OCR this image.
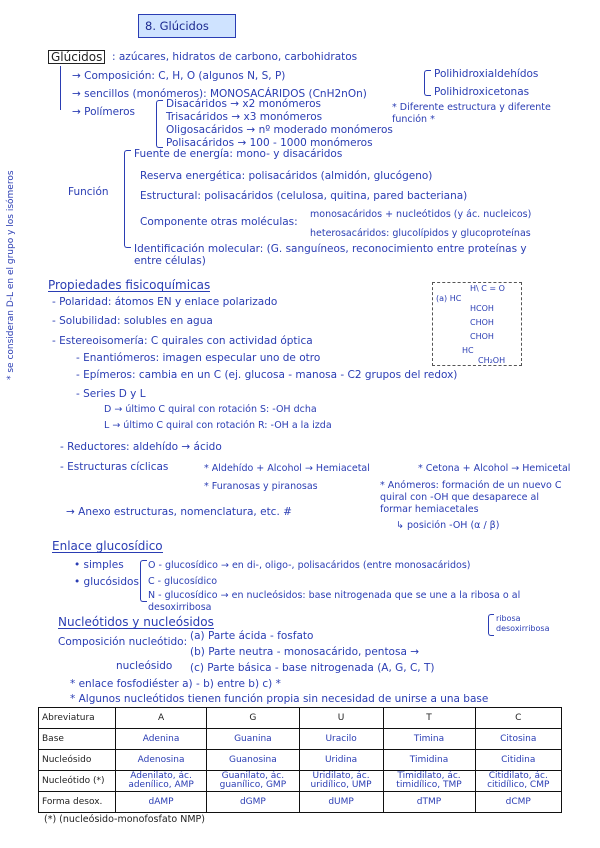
8. Glúcidos
Glúcidos : azúcares, hidratos de carbono, carbohidratos
→ Composición: C, H, O (algunos N, S, P)
→ sencillos (monómeros): MONOSACÁRIDOS (CnH2nOn)
Polihidroxialdehídos
Polihidroxicetonas
→ Polímeros
Disacáridos → x2 monómeros
Trisacáridos → x3 monómeros
Oligosacáridos → nº moderado monómeros
Polisacáridos → 100 - 1000 monómeros
* Diferente estructura y diferente función *
Función
Fuente de energía: mono- y disacáridos
Reserva energética: polisacáridos (almidón, glucógeno)
Estructural: polisacáridos (celulosa, quitina, pared bacteriana)
Componente otras moléculas:
monosacáridos + nucleótidos (y ác. nucleicos)
heterosacáridos: glucolípidos y glucoproteínas
Identificación molecular: (G. sanguíneos, reconocimiento entre proteínas y entre células)
Propiedades fisicoquímicas
- Polaridad: átomos EN y enlace polarizado
- Solubilidad: solubles en agua
- Estereoisomería: C quirales con actividad óptica
- Enantiómeros: imagen especular uno de otro
- Epímeros: cambia en un C (ej. glucosa - manosa - C2 grupos del redox)
- Series D y L
D → último C quiral con rotación S: -OH dcha
L → último C quiral con rotación R: -OH a la izda
- Reductores: aldehído → ácido
- Estructuras cíclicas	* Aldehído + Alcohol → Hemiacetal	* Cetona + Alcohol → Hemicetal
* Furanosas y piranosas	* Anómeros: formación de un nuevo C quiral con -OH que desaparece al formar hemiacetales
↳ posición -OH (α / β)
* se consideran D-L en el grupo y los isómeros	(a) HC
H\ C = O
HCOH
CHOH
CHOH
HC
CH₂OH
→ Anexo estructuras, nomenclatura, etc. #
Enlace glucosídico
• simples
• glucósidos
O - glucosídico → en di-, oligo-, polisacáridos (entre monosacáridos)
C - glucosídico
N - glucosídico → en nucleósidos: base nitrogenada que se une a la ribosa o al desoxirribosa
Nucleótidos y nucleósidos
Composición nucleótido: (a) Parte ácida - fosfato
(b) Parte neutra - monosacárido, pentosa →
(c) Parte básica - base nitrogenada (A, G, C, T)
ribosa
desoxirribosa
nucleósido
* enlace fosfodiéster a) - b) entre b) c) *
* Algunos nucleótidos tienen función propia sin necesidad de unirse a una base
Abreviatura	A	G	U	T	C
Base	Adenina	Guanina	Uracilo	Timina	Citosina
Nucleósido	Adenosina	Guanosina	Uridina	Timidina	Citidina
Nucleótido (*)	Adenilato, ác. adenílico, AMP	Guanilato, ác. guanílico, GMP	Uridilato, ác. uridílico, UMP	Timidilato, ác. timidílico, TMP	Citidilato, ác. citidílico, CMP
Forma desox.	dAMP	dGMP	dUMP	dTMP	dCMP
(*) (nucleósido-monofosfato NMP)
